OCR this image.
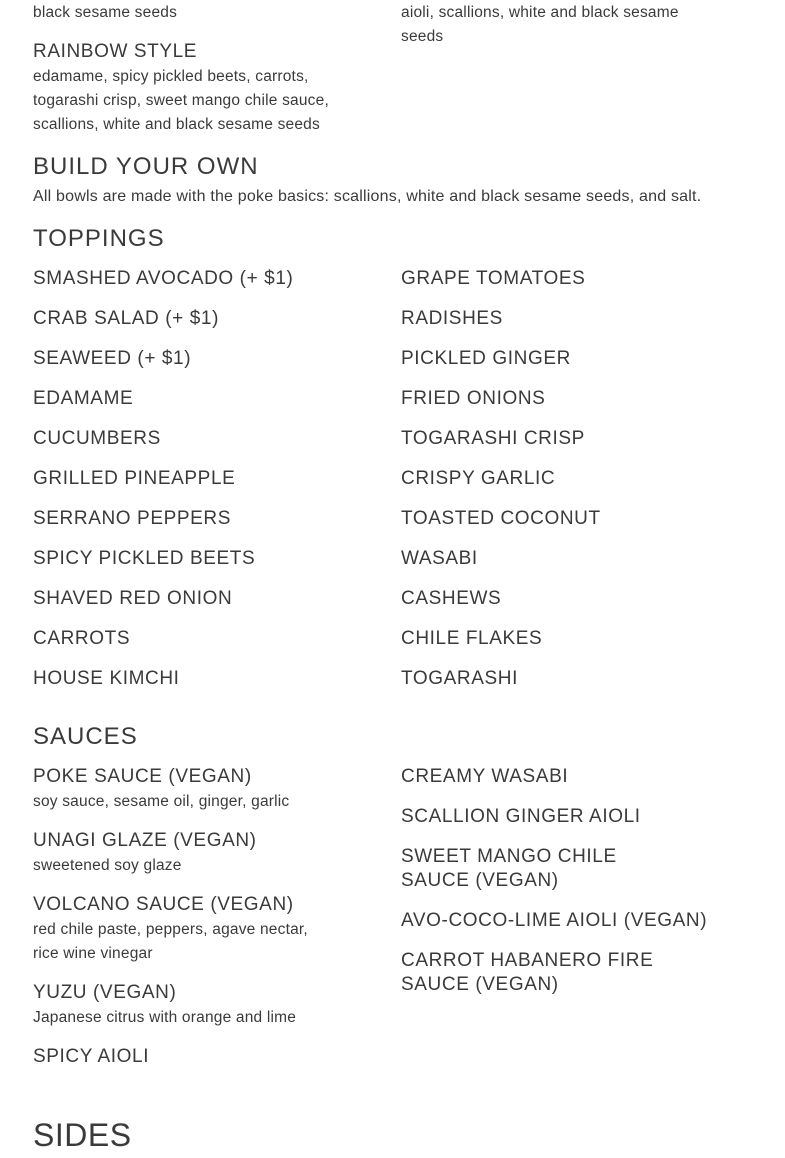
black sesame seeds	aioli, scallions, white and black sesame seeds
RAINBOW STYLE
edamame, spicy pickled beets, carrots, togarashi crisp, sweet mango chile sauce, scallions, white and black sesame seeds
BUILD YOUR OWN
All bowls are made with the poke basics: scallions, white and black sesame seeds, and salt.
TOPPINGS
SMASHED AVOCADO (+ $1)
CRAB SALAD (+ $1)
SEAWEED (+ $1)
EDAMAME
CUCUMBERS
GRILLED PINEAPPLE
SERRANO PEPPERS
SPICY PICKLED BEETS
SHAVED RED ONION
CARROTS
HOUSE KIMCHI
GRAPE TOMATOES
RADISHES
PICKLED GINGER
FRIED ONIONS
TOGARASHI CRISP
CRISPY GARLIC
TOASTED COCONUT
WASABI
CASHEWS
CHILE FLAKES
TOGARASHI
SAUCES
POKE SAUCE (VEGAN)
soy sauce, sesame oil, ginger, garlic
UNAGI GLAZE (VEGAN)
sweetened soy glaze
VOLCANO SAUCE (VEGAN)
red chile paste, peppers, agave nectar, rice wine vinegar
YUZU (VEGAN)
Japanese citrus with orange and lime
SPICY AIOLI
CREAMY WASABI
SCALLION GINGER AIOLI
SWEET MANGO CHILE SAUCE (VEGAN)
AVO-COCO-LIME AIOLI (VEGAN)
CARROT HABANERO FIRE SAUCE (VEGAN)
SIDES
